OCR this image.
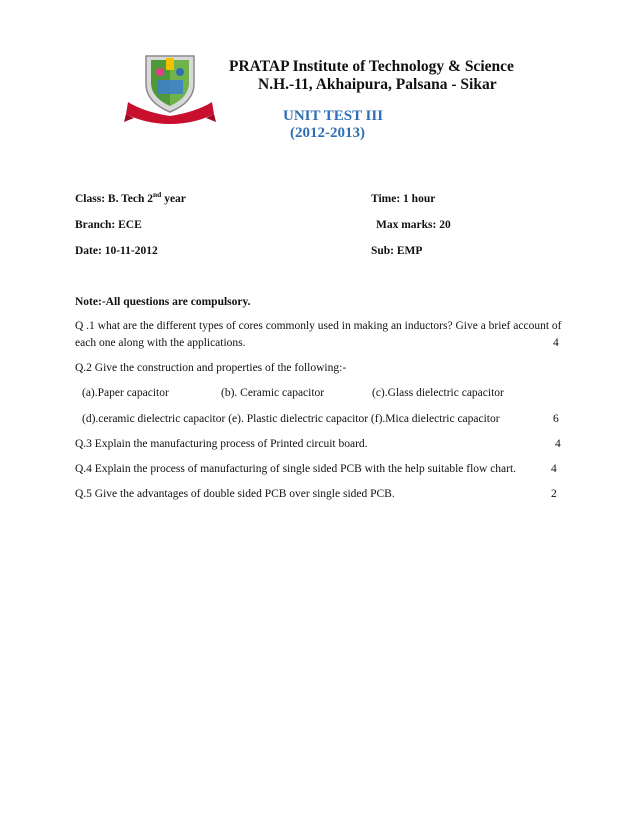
PRATAP Institute of Technology & Science
N.H.-11, Akhaipura, Palsana - Sikar
UNIT TEST III
(2012-2013)
Class: B. Tech 2nd year	Time: 1 hour
Branch: ECE	Max marks: 20
Date: 10-11-2012	Sub: EMP
Note:-All questions are compulsory.
Q .1 what are the different types of cores commonly used in making an inductors? Give a brief account of
each one along with the applications.	4
Q.2 Give the construction and properties of the following:-
(a).Paper capacitor	(b). Ceramic capacitor	(c).Glass dielectric capacitor
(d).ceramic dielectric capacitor (e). Plastic dielectric capacitor (f).Mica dielectric capacitor	6
Q.3 Explain the manufacturing process of Printed circuit board.	4
Q.4 Explain the process of manufacturing of single sided PCB with the help suitable flow chart.	4
Q.5 Give the advantages of double sided PCB over single sided PCB.	2
